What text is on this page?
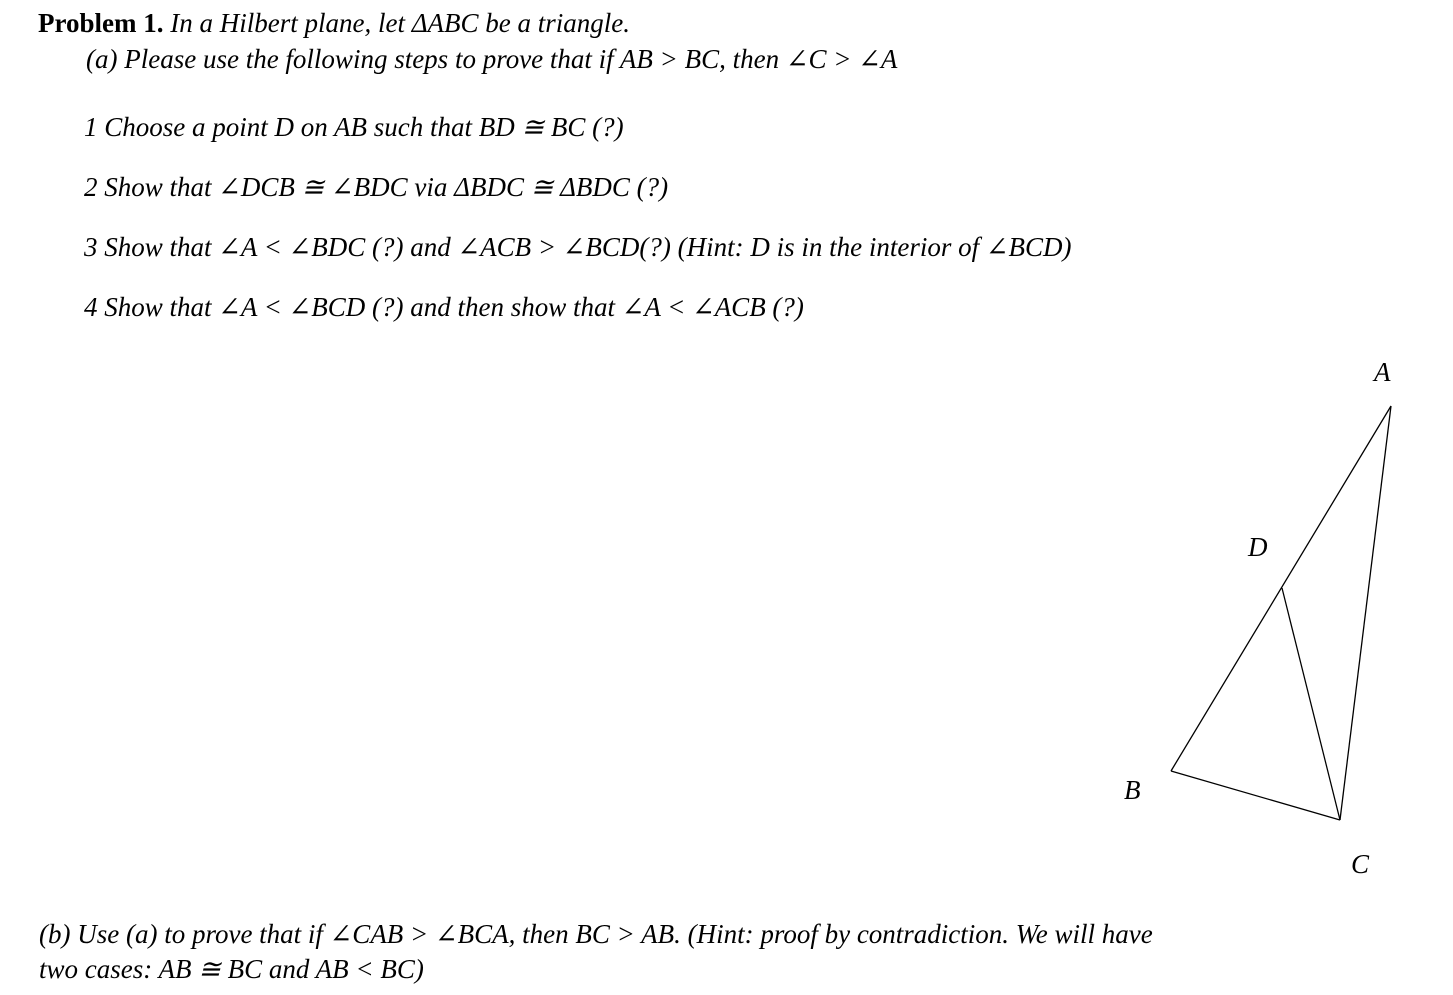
Problem 1. In a Hilbert plane, let ΔABC be a triangle.
(a) Please use the following steps to prove that if AB > BC, then ∠C > ∠A
1 Choose a point D on AB such that BD ≅ BC (?)
2 Show that ∠DCB ≅ ∠BDC via ΔBDC ≅ ΔBDC (?)
3 Show that ∠A < ∠BDC (?) and ∠ACB > ∠BCD(?) (Hint: D is in the interior of ∠BCD)
4 Show that ∠A < ∠BCD (?) and then show that ∠A < ∠ACB (?)
A
D
B
C
(b) Use (a) to prove that if ∠CAB > ∠BCA, then BC > AB. (Hint: proof by contradiction. We will have
two cases: AB ≅ BC and AB < BC)
